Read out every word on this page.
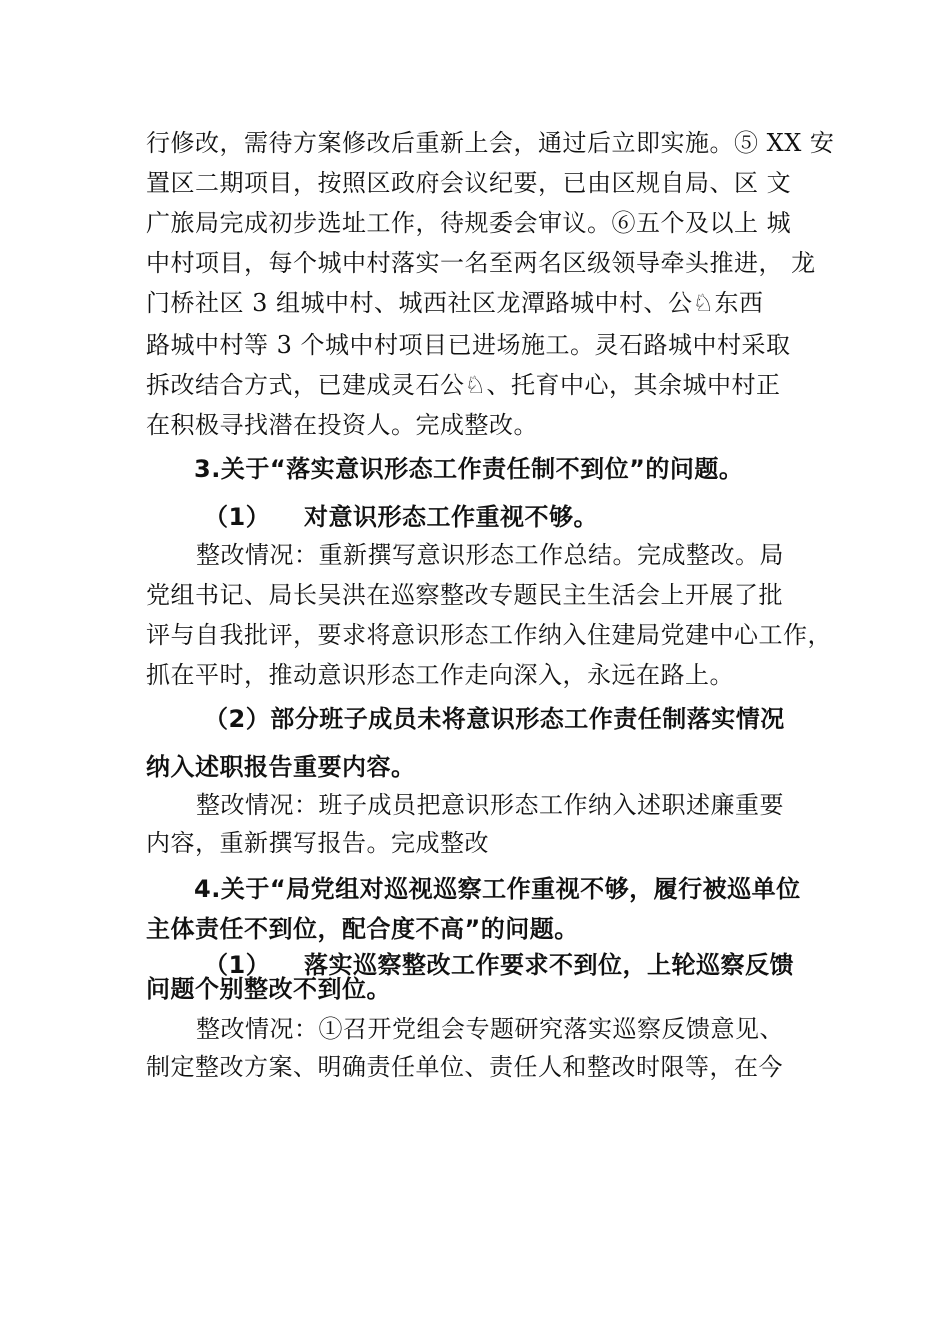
行修改，需待方案修改后重新上会，通过后立即实施。⑤ XX 安
置区二期项目，按照区政府会议纪要，已由区规自局、区 文
广旅局完成初步选址工作，待规委会审议。⑥五个及以上 城
中村项目，每个城中村落实一名至两名区级领导牵头推进， 龙
门桥社区 3 组城中村、城西社区龙潭路城中村、公♘东西
路城中村等 3 个城中村项目已进场施工。灵石路城中村采取
拆改结合方式，已建成灵石公♘、托育中心，其余城中村正
在积极寻找潜在投资人。完成整改。
3.关于“落实意识形态工作责任制不到位”的问题。
（1） 对意识形态工作重视不够。
整改情况：重新撰写意识形态工作总结。完成整改。局
党组书记、局长吴洪在巡察整改专题民主生活会上开展了批
评与自我批评，要求将意识形态工作纳入住建局党建中心工作，
抓在平时，推动意识形态工作走向深入，永远在路上。
（2）部分班子成员未将意识形态工作责任制落实情况
纳入述职报告重要内容。
整改情况：班子成员把意识形态工作纳入述职述廉重要
内容，重新撰写报告。完成整改
4.关于“局党组对巡视巡察工作重视不够，履行被巡单位
主体责任不到位，配合度不高”的问题。
（1） 落实巡察整改工作要求不到位，上轮巡察反馈
问题个别整改不到位。
整改情况：①召开党组会专题研究落实巡察反馈意见、
制定整改方案、明确责任单位、责任人和整改时限等，在今
